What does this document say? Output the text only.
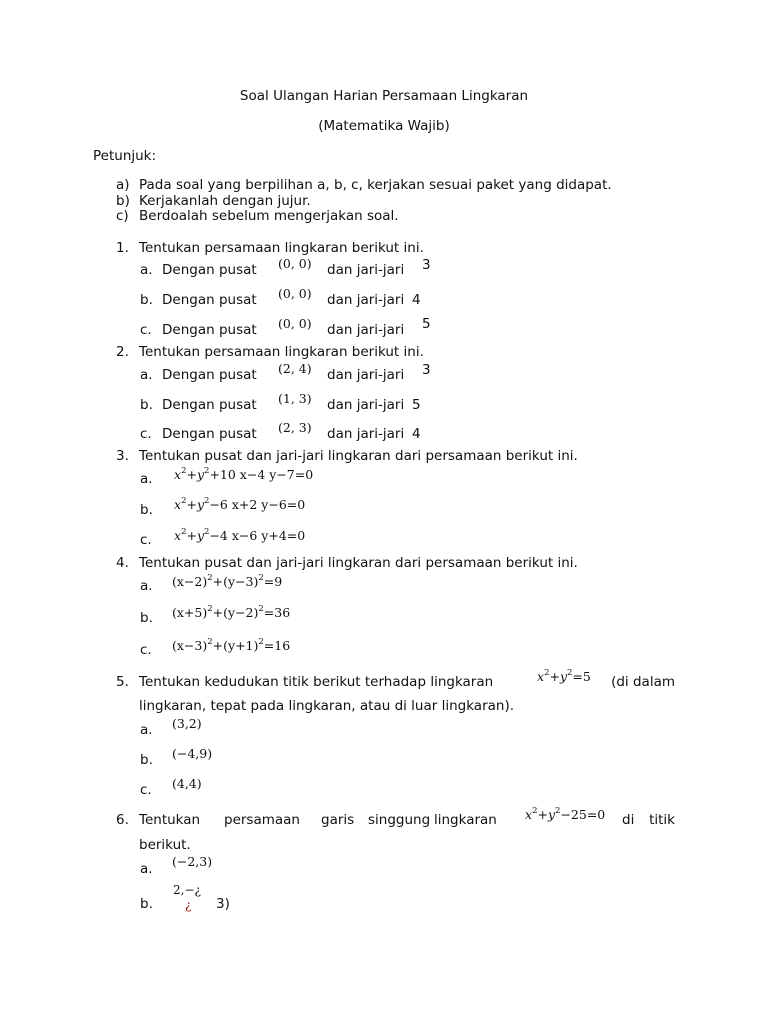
Soal Ulangan Harian Persamaan Lingkaran
(Matematika Wajib)
Petunjuk:
a) Pada soal yang berpilihan a, b, c, kerjakan sesuai paket yang didapat.
b) Kerjakanlah dengan jujur.
c) Berdoalah sebelum mengerjakan soal.
1. Tentukan persamaan lingkaran berikut ini.
a. Dengan pusat (0, 0) dan jari-jari 3
b. Dengan pusat (0, 0) dan jari-jari 4
c. Dengan pusat (0, 0) dan jari-jari 5
2. Tentukan persamaan lingkaran berikut ini.
a. Dengan pusat (2, 4) dan jari-jari 3
b. Dengan pusat (1, 3) dan jari-jari 5
c. Dengan pusat (2, 3) dan jari-jari 4
3. Tentukan pusat dan jari-jari lingkaran dari persamaan berikut ini.
a. $x^2+y^2+10$ x−4 y−7=0
b. $x^2+y^2-6$ x+2 y−6=0
c. $x^2+y^2-4$ x−6 y+4=0
4. Tentukan pusat dan jari-jari lingkaran dari persamaan berikut ini.
a. $(x-2)^2+(y-3)^2=9$
b. $(x+5)^2+(y-2)^2=36$
c. $(x-3)^2+(y+1)^2=16$
5. Tentukan kedudukan titik berikut terhadap lingkaran	$x^2+y^2=5$ (di dalam
lingkaran, tepat pada lingkaran, atau di luar lingkaran).
a. (3,2)
b. (−4,9)
c. (4,4)
6. Tentukan persamaan garis singgung lingkaran $x^2+y^2-25=0$ di titik
berikut.
a. (−2,3)
b.
2,−¿
¿ 3)
